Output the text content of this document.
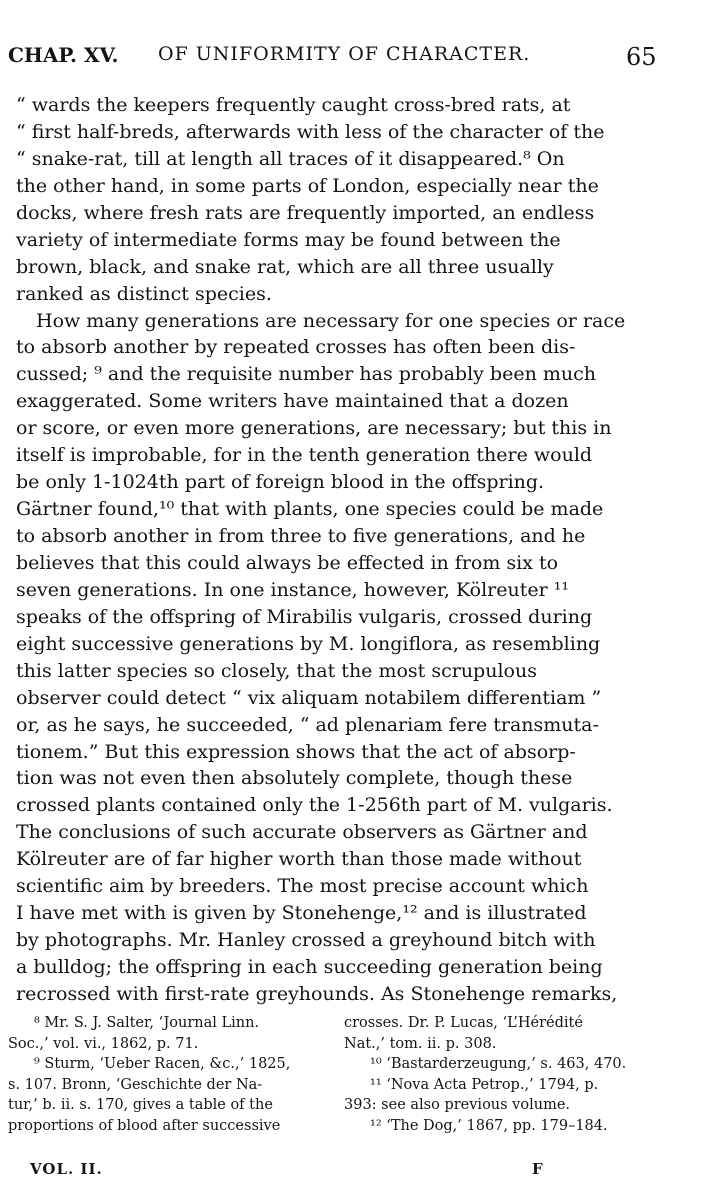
CHAP. XV. OF UNIFORMITY OF CHARACTER.	65
“ wards the keepers frequently caught cross-bred rats, at
“ first half-breds, afterwards with less of the character of the
“ snake-rat, till at length all traces of it disappeared.⁸ On
the other hand, in some parts of London, especially near the
docks, where fresh rats are frequently imported, an endless
variety of intermediate forms may be found between the
brown, black, and snake rat, which are all three usually
ranked as distinct species.
How many generations are necessary for one species or race
to absorb another by repeated crosses has often been dis-
cussed; ⁹ and the requisite number has probably been much
exaggerated. Some writers have maintained that a dozen
or score, or even more generations, are necessary; but this in
itself is improbable, for in the tenth generation there would
be only 1-1024th part of foreign blood in the offspring.
Gärtner found,¹⁰ that with plants, one species could be made
to absorb another in from three to five generations, and he
believes that this could always be effected in from six to
seven generations. In one instance, however, Kölreuter ¹¹
speaks of the offspring of Mirabilis vulgaris, crossed during
eight successive generations by M. longiflora, as resembling
this latter species so closely, that the most scrupulous
observer could detect “ vix aliquam notabilem differentiam ”
or, as he says, he succeeded, “ ad plenariam fere transmuta-
tionem.” But this expression shows that the act of absorp-
tion was not even then absolutely complete, though these
crossed plants contained only the 1-256th part of M. vulgaris.
The conclusions of such accurate observers as Gärtner and
Kölreuter are of far higher worth than those made without
scientific aim by breeders. The most precise account which
I have met with is given by Stonehenge,¹² and is illustrated
by photographs. Mr. Hanley crossed a greyhound bitch with
a bulldog; the offspring in each succeeding generation being
recrossed with first-rate greyhounds. As Stonehenge remarks,
⁸ Mr. S. J. Salter, ‘Journal Linn.
Soc.,’ vol. vi., 1862, p. 71.
⁹ Sturm, ‘Ueber Racen, &c.,’ 1825,
s. 107. Bronn, ‘Geschichte der Na-
tur,’ b. ii. s. 170, gives a table of the
proportions of blood after successive
crosses. Dr. P. Lucas, ‘L’Hérédité
Nat.,’ tom. ii. p. 308.
¹⁰ ‘Bastarderzeugung,’ s. 463, 470.
¹¹ ‘Nova Acta Petrop.,’ 1794, p.
393: see also previous volume.
¹² ‘The Dog,’ 1867, pp. 179–184.
VOL. II.	F
